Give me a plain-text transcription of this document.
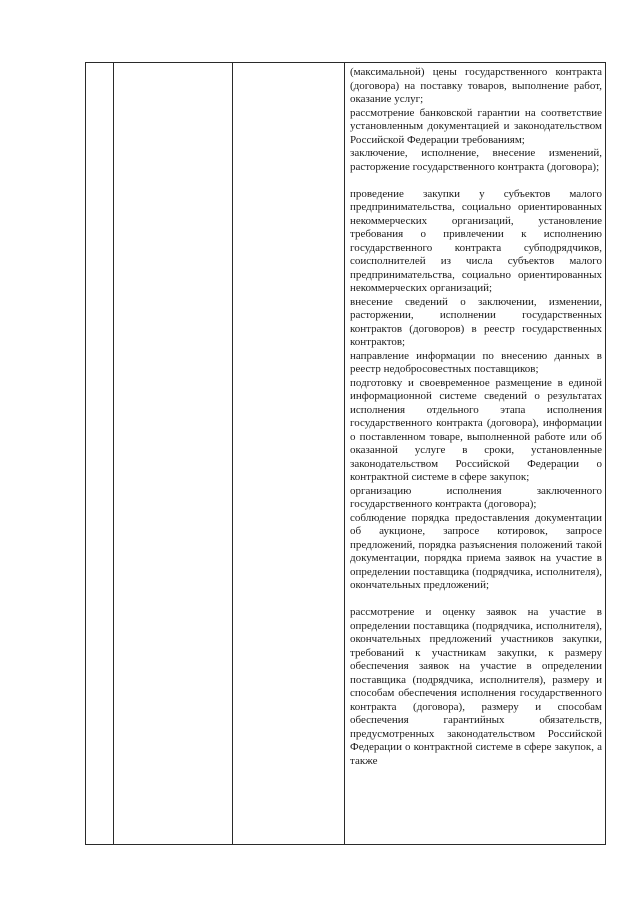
(максимальной) цены государственного контракта (договора) на поставку товаров, выполнение работ, оказание услуг;

рассмотрение банковской гарантии на соответствие установленным документацией и законодательством Российской Федерации требованиям;

заключение, исполнение, внесение изменений, расторжение государственного контракта (договора);

проведение закупки у субъектов малого предпринимательства, социально ориентированных некоммерческих организаций, установление требования о привлечении к исполнению государственного контракта субподрядчиков, соисполнителей из числа субъектов малого предпринимательства, социально ориентированных некоммерческих организаций;

внесение сведений о заключении, изменении, расторжении, исполнении государственных контрактов (договоров) в реестр государственных контрактов;

направление информации по внесению данных в реестр недобросовестных поставщиков;

подготовку и своевременное размещение в единой информационной системе сведений о результатах исполнения отдельного этапа исполнения государственного контракта (договора), информации о поставленном товаре, выполненной работе или об оказанной услуге в сроки, установленные законодательством Российской Федерации о контрактной системе в сфере закупок;

организацию исполнения заключенного государственного контракта (договора);

соблюдение порядка предоставления документации об аукционе, запросе котировок, запросе предложений, порядка разъяснения положений такой документации, порядка приема заявок на участие в определении поставщика (подрядчика, исполнителя), окончательных предложений;

рассмотрение и оценку заявок на участие в определении поставщика (подрядчика, исполнителя), окончательных предложений участников закупки, требований к участникам закупки, к размеру обеспечения заявок на участие в определении поставщика (подрядчика, исполнителя), размеру и способам обеспечения исполнения государственного контракта (договора), размеру и способам обеспечения гарантийных обязательств, предусмотренных законодательством Российской Федерации о контрактной системе в сфере закупок, а также
